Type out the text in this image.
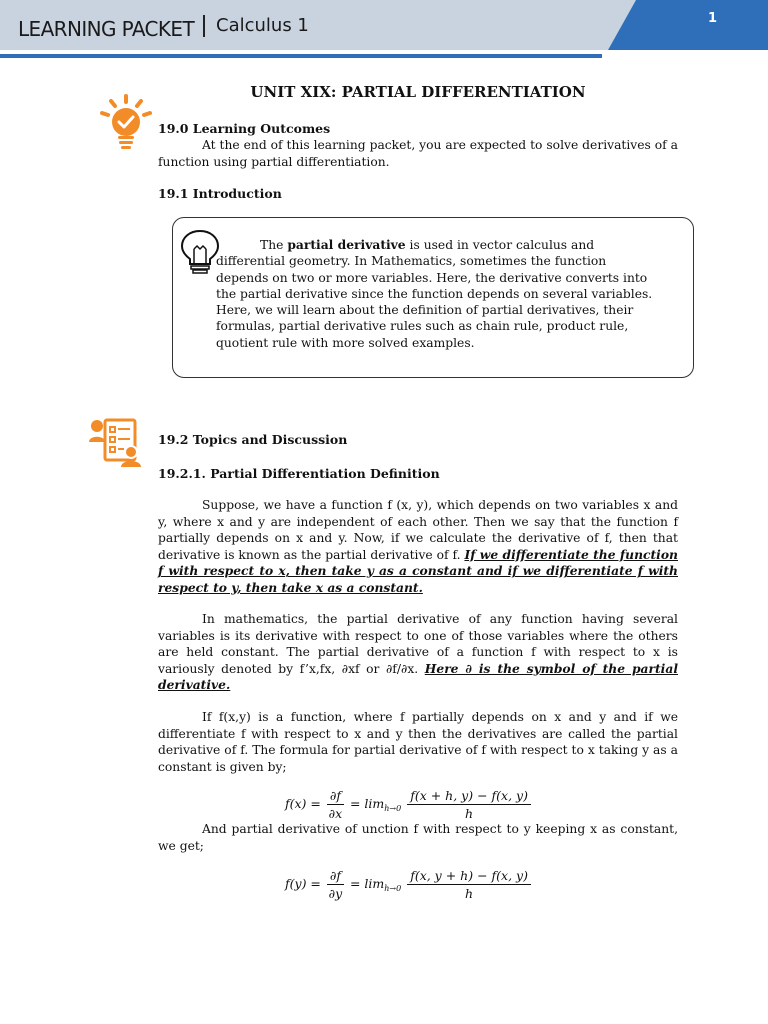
LEARNING PACKET Calculus 1	1
UNIT XIX: PARTIAL DIFFERENTIATION
19.0 Learning Outcomes
At the end of this learning packet, you are expected to solve derivatives of a function using partial differentiation.
19.1 Introduction
The partial derivative is used in vector calculus and differential geometry. In Mathematics, sometimes the function depends on two or more variables. Here, the derivative converts into the partial derivative since the function depends on several variables. Here, we will learn about the definition of partial derivatives, their formulas, partial derivative rules such as chain rule, product rule, quotient rule with more solved examples.
19.2 Topics and Discussion
19.2.1. Partial Differentiation Definition
Suppose, we have a function f (x, y), which depends on two variables x and y, where x and y are independent of each other. Then we say that the function f partially depends on x and y. Now, if we calculate the derivative of f, then that derivative is known as the partial derivative of f. If we differentiate the function f with respect to x, then take y as a constant and if we differentiate f with respect to y, then take x as a constant.
In mathematics, the partial derivative of any function having several variables is its derivative with respect to one of those variables where the others are held constant. The partial derivative of a function f with respect to x is variously denoted by f’x,fx, ∂xf or ∂f/∂x. Here ∂ is the symbol of the partial derivative.
If f(x,y) is a function, where f partially depends on x and y and if we differentiate f with respect to x and y then the derivatives are called the partial derivative of f. The formula for partial derivative of f with respect to x taking y as a constant is given by;
$f(x) = \frac{\partial f}{\partial x} = \lim_{h\to 0} \frac{f(x + h, y) - f(x, y)}{h}$
And partial derivative of unction f with respect to y keeping x as constant, we get;
$f(y) = \frac{\partial f}{\partial y} = \lim_{h\to 0} \frac{f(x, y + h) - f(x, y)}{h}$
